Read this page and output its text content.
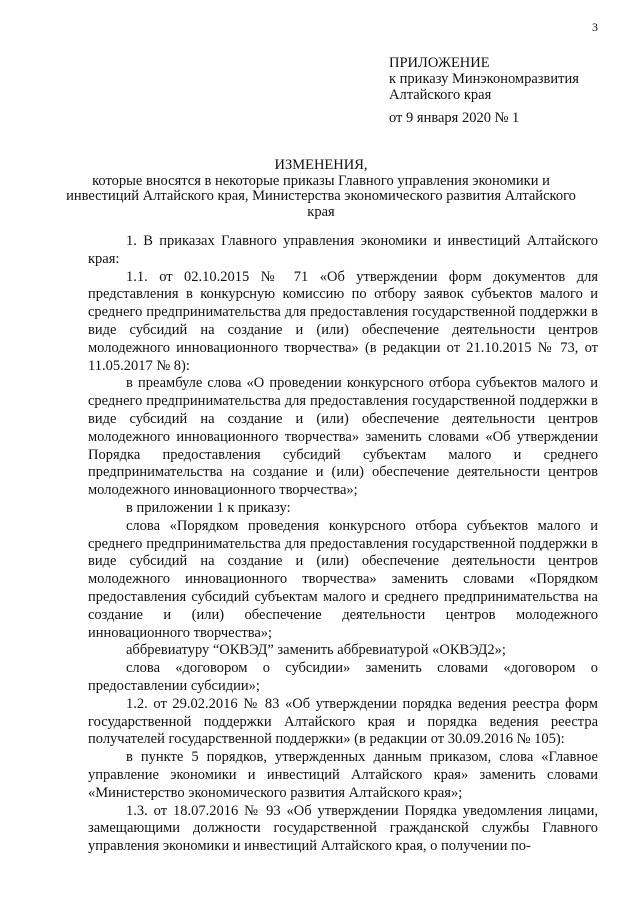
3
ПРИЛОЖЕНИЕ
к приказу Минэкономразвития
Алтайского края
от 9 января 2020 № 1
ИЗМЕНЕНИЯ,
которые вносятся в некоторые приказы Главного управления экономики и инвестиций Алтайского края, Министерства экономического развития Алтайского края

1. В приказах Главного управления экономики и инвестиций Алтайского края:

1.1. от 02.10.2015 № 71 «Об утверждении форм документов для представления в конкурсную комиссию по отбору заявок субъектов малого и среднего предпринимательства для предоставления государственной поддержки в виде субсидий на создание и (или) обеспечение деятельности центров молодежного инновационного творчества» (в редакции от 21.10.2015 № 73, от 11.05.2017 № 8):

в преамбуле слова «О проведении конкурсного отбора субъектов малого и среднего предпринимательства для предоставления государственной поддержки в виде субсидий на создание и (или) обеспечение деятельности центров молодежного инновационного творчества» заменить словами «Об утверждении Порядка предоставления субсидий субъектам малого и среднего предпринимательства на создание и (или) обеспечение деятельности центров молодежного инновационного творчества»;

в приложении 1 к приказу:

слова «Порядком проведения конкурсного отбора субъектов малого и среднего предпринимательства для предоставления государственной поддержки в виде субсидий на создание и (или) обеспечение деятельности центров молодежного инновационного творчества» заменить словами «Порядком предоставления субсидий субъектам малого и среднего предпринимательства на создание и (или) обеспечение деятельности центров молодежного инновационного творчества»;

аббревиатуру “ОКВЭД” заменить аббревиатурой «ОКВЭД2»;

слова «договором о субсидии» заменить словами «договором о предоставлении субсидии»;

1.2. от 29.02.2016 № 83 «Об утверждении порядка ведения реестра форм государственной поддержки Алтайского края и порядка ведения реестра получателей государственной поддержки» (в редакции от 30.09.2016 № 105):

в пункте 5 порядков, утвержденных данным приказом, слова «Главное управление экономики и инвестиций Алтайского края» заменить словами «Министерство экономического развития Алтайского края»;

1.3. от 18.07.2016 № 93 «Об утверждении Порядка уведомления лицами, замещающими должности государственной гражданской службы Главного управления экономики и инвестиций Алтайского края, о получении по-
